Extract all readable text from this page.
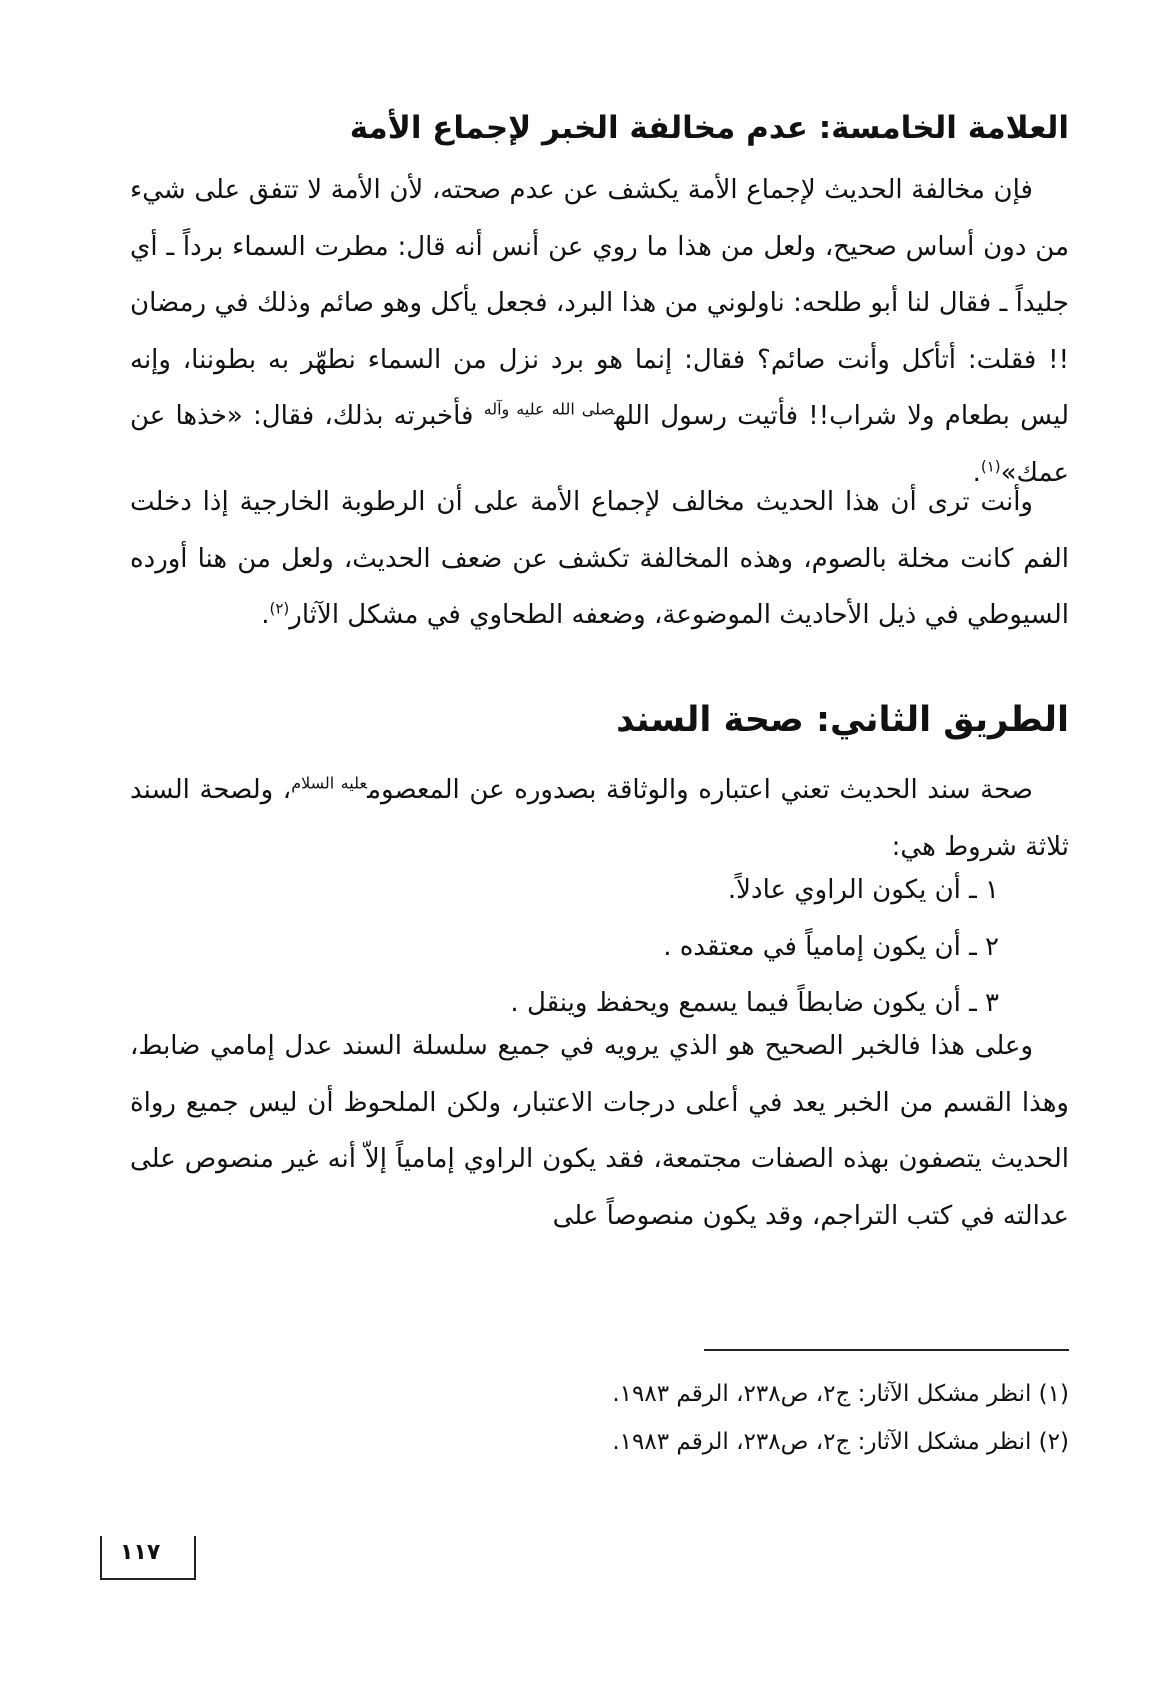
العلامة الخامسة: عدم مخالفة الخبر لإجماع الأمة

فإن مخالفة الحديث لإجماع الأمة يكشف عن عدم صحته، لأن الأمة لا تتفق على شيء من دون أساس صحيح، ولعل من هذا ما روي عن أنس أنه قال: مطرت السماء برداً ـ أي جليداً ـ فقال لنا أبو طلحه: ناولوني من هذا البرد، فجعل يأكل وهو صائم وذلك في رمضان !! فقلت: أتأكل وأنت صائم؟ فقال: إنما هو برد نزل من السماء نطهّر به بطوننا، وإنه ليس بطعام ولا شراب!! فأتيت رسول الله$^{صلى الله عليه وآله}$ فأخبرته بذلك، فقال: «خذها عن عمك»$^{(١)}$.

وأنت ترى أن هذا الحديث مخالف لإجماع الأمة على أن الرطوبة الخارجية إذا دخلت الفم كانت مخلة بالصوم، وهذه المخالفة تكشف عن ضعف الحديث، ولعل من هنا أورده السيوطي في ذيل الأحاديث الموضوعة، وضعفه الطحاوي في مشكل الآثار$^{(٢)}$.

الطريق الثاني: صحة السند

صحة سند الحديث تعني اعتباره والوثاقة بصدوره عن المعصوم$^{عليه السلام}$، ولصحة السند ثلاثة شروط هي:

١ ـ أن يكون الراوي عادلاً.

٢ ـ أن يكون إمامياً في معتقده .

٣ ـ أن يكون ضابطاً فيما يسمع ويحفظ وينقل .

وعلى هذا فالخبر الصحيح هو الذي يرويه في جميع سلسلة السند عدل إمامي ضابط، وهذا القسم من الخبر يعد في أعلى درجات الاعتبار، ولكن الملحوظ أن ليس جميع رواة الحديث يتصفون بهذه الصفات مجتمعة، فقد يكون الراوي إمامياً إلاّ أنه غير منصوص على عدالته في كتب التراجم، وقد يكون منصوصاً على

(١) انظر مشكل الآثار: ج٢، ص٢٣٨، الرقم ١٩٨٣.

(٢) انظر مشكل الآثار: ج٢، ص٢٣٨، الرقم ١٩٨٣.

١١٧
